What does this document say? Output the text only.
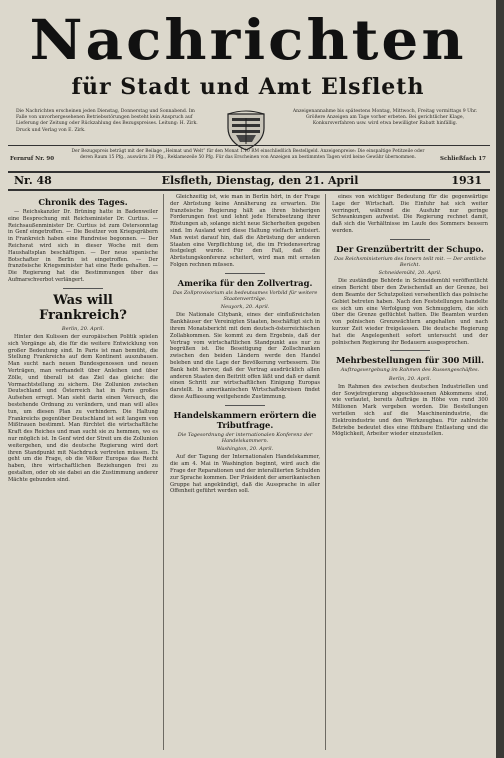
Nachrichten
für Stadt und Amt Elsfleth
Die Nachrichten erscheinen jeden Dienstag, Donnerstag und Sonnabend. Im Falle von unvorhergesehenen Betriebsstörungen besteht kein Anspruch auf Lieferung der Zeitung oder Rückzahlung des Bezugspreises. Leitung: H. Zirk. Druck und Verlag von E. Zirk.
Anzeigenannahme bis spätestens Montag, Mittwoch, Freitag vormittags 9 Uhr. Größere Anzeigen am Tage vorher erbeten. Bei gerichtlicher Klage, Konkursverfahren usw. wird etwa bewilligter Rabatt hinfällig.
Fernruf Nr. 90
Der Bezugspreis beträgt mit der Beilage „Heimat und Welt“ für den Monat 1.10 RM einschließlich Bestellgeld. Anzeigenpreise: Die einspaltige Petitzeile oder deren Raum 15 Pfg., auswärts 20 Pfg., Reklamezeile 50 Pfg. Für das Erscheinen von Anzeigen an bestimmten Tagen wird keine Gewähr übernommen.	Schließfach 17
Nr. 48	Elsfleth, Dienstag, den 21. April	1931
Chronik des Tages.

— Reichskanzler Dr. Brüning hatte in Badenweiler eine Besprechung mit Reichsminister Dr. Curtius. — Reichsaußenminister Dr. Curtius ist zum Ostersonntag in Genf eingetroffen. — Die Besitzer von Kriegsgräbern in Frankreich haben eine Rundreise begonnen. — Der Reichsrat wird sich in dieser Woche mit dem Haushaltsplan beschäftigen. — Der neue spanische Botschafter in Berlin ist eingetroffen. — Der französische Kriegsminister hat eine Rede gehalten. — Die Regierung hat die Bestimmungen über das Aufmarschverbot verlängert.

Was will Frankreich?
Berlin, 20. April.

Hinter den Kulissen der europäischen Politik spielen sich Vorgänge ab, die für die weitere Entwicklung von großer Bedeutung sind. In Paris ist man bemüht, die Stellung Frankreichs auf dem Kontinent auszubauen. Man sucht nach neuen Bundesgenossen und neuen Verträgen, man verhandelt über Anleihen und über Zölle, und überall ist das Ziel das gleiche: die Vormachtstellung zu sichern. Die Zollunion zwischen Deutschland und Österreich hat in Paris großes Aufsehen erregt. Man sieht darin einen Versuch, die bestehende Ordnung zu verändern, und man will alles tun, um diesen Plan zu verhindern. Die Haltung Frankreichs gegenüber Deutschland ist seit langem von Mißtrauen bestimmt. Man fürchtet die wirtschaftliche Kraft des Reiches und man sucht sie zu hemmen, wo es nur möglich ist. In Genf wird der Streit um die Zollunion weitergehen, und die deutsche Regierung wird dort ihren Standpunkt mit Nachdruck vertreten müssen. Es geht um die Frage, ob die Völker Europas das Recht haben, ihre wirtschaftlichen Beziehungen frei zu gestalten, oder ob sie dabei an die Zustimmung anderer Mächte gebunden sind.

Gleichzeitig ist, wie man in Berlin hört, in der Frage der Abrüstung keine Annäherung zu erwarten. Die französische Regierung hält an ihren bisherigen Forderungen fest und lehnt jede Herabsetzung ihrer Rüstungen ab, solange nicht neue Sicherheiten gegeben sind. Im Ausland wird diese Haltung vielfach kritisiert. Man weist darauf hin, daß die Abrüstung der anderen Staaten eine Verpflichtung ist, die im Friedensvertrag festgelegt wurde. Für den Fall, daß die Abrüstungskonferenz scheitert, wird man mit ernsten Folgen rechnen müssen.

Amerika für den Zollvertrag.
Das Zollprovisorium als bedeutsames Vorbild für weitere Staatenverträge.
Neuyork, 20. April.

Die Nationale Citybank, eines der einflußreichsten Bankhäuser der Vereinigten Staaten, beschäftigt sich in ihrem Monatsbericht mit dem deutsch-österreichischen Zollabkommen. Sie kommt zu dem Ergebnis, daß der Vertrag vom wirtschaftlichen Standpunkt aus nur zu begrüßen ist. Die Beseitigung der Zollschranken zwischen den beiden Ländern werde den Handel beleben und die Lage der Bevölkerung verbessern. Die Bank hebt hervor, daß der Vertrag ausdrücklich allen anderen Staaten den Beitritt offen läßt und daß er damit einen Schritt zur wirtschaftlichen Einigung Europas darstellt. In amerikanischen Wirtschaftskreisen findet diese Auffassung weitgehende Zustimmung.

Handelskammern erörtern die Tributfrage.
Die Tagesordnung der internationalen Konferenz der Handelskammern.
Washington, 20. April.

Auf der Tagung der Internationalen Handelskammer, die am 4. Mai in Washington beginnt, wird auch die Frage der Reparationen und der interalliierten Schulden zur Sprache kommen. Der Präsident der amerikanischen Gruppe hat angekündigt, daß die Aussprache in aller Offenheit geführt werden soll.

eines von wichtiger Bedeutung für die gegenwärtige Lage der Wirtschaft. Die Einfuhr hat sich weiter verringert, während die Ausfuhr nur geringe Schwankungen aufweist. Die Regierung rechnet damit, daß sich die Verhältnisse im Laufe des Sommers bessern werden.

Der Grenzübertritt der Schupo.
Das Reichsministerium des Innern teilt mit. — Der amtliche Bericht.
Schneidemühl, 20. April.

Die zuständige Behörde in Schneidemühl veröffentlicht einen Bericht über den Zwischenfall an der Grenze, bei dem Beamte der Schutzpolizei versehentlich das polnische Gebiet betreten haben. Nach den Feststellungen handelte es sich um eine Verfolgung von Schmugglern, die sich über die Grenze geflüchtet hatten. Die Beamten wurden von polnischen Grenzwächtern angehalten und nach kurzer Zeit wieder freigelassen. Die deutsche Regierung hat die Angelegenheit sofort untersucht und der polnischen Regierung ihr Bedauern ausgesprochen.

Mehrbestellungen für 300 Mill.
Auftragsvergebung im Rahmen des Russengeschäftes.
Berlin, 20. April.

Im Rahmen des zwischen deutschen Industriellen und der Sowjetregierung abgeschlossenen Abkommens sind, wie verlautet, bereits Aufträge in Höhe von rund 300 Millionen Mark vergeben worden. Die Bestellungen verteilen sich auf die Maschinenindustrie, die Elektroindustrie und den Werkzeugbau. Für zahlreiche Betriebe bedeutet dies eine fühlbare Entlastung und die Möglichkeit, Arbeiter wieder einzustellen.
